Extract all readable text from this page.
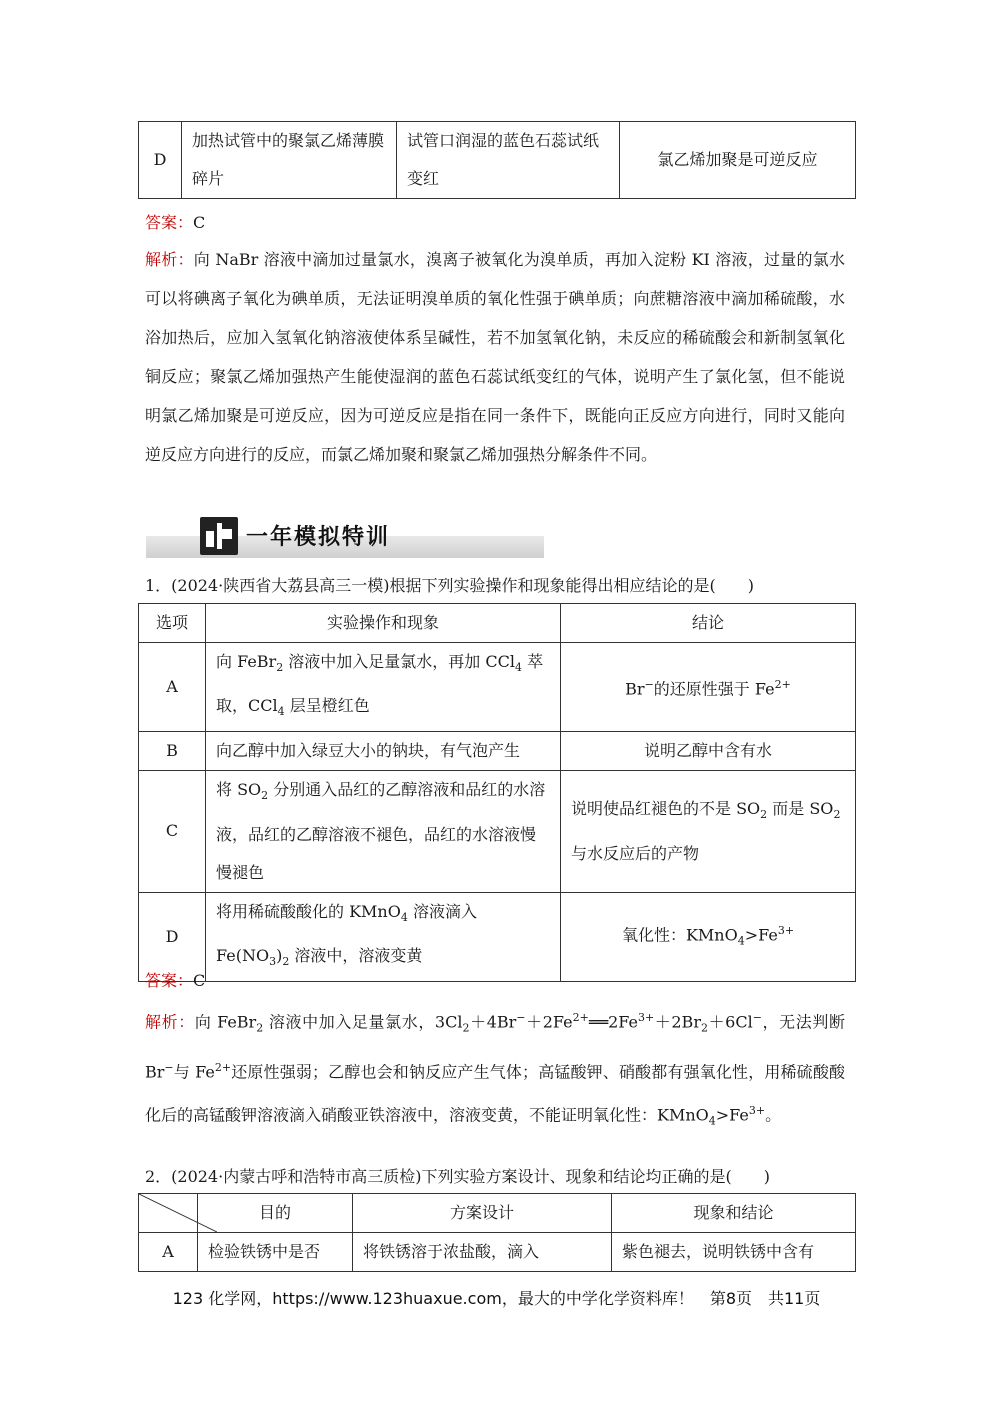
D	加热试管中的聚氯乙烯薄膜碎片	试管口润湿的蓝色石蕊试纸变红	氯乙烯加聚是可逆反应
答案：C
解析：向 NaBr 溶液中滴加过量氯水，溴离子被氧化为溴单质，再加入淀粉 KI 溶液，过量的氯水可以将碘离子氧化为碘单质，无法证明溴单质的氧化性强于碘单质；向蔗糖溶液中滴加稀硫酸，水浴加热后，应加入氢氧化钠溶液使体系呈碱性，若不加氢氧化钠，未反应的稀硫酸会和新制氢氧化铜反应；聚氯乙烯加强热产生能使湿润的蓝色石蕊试纸变红的气体，说明产生了氯化氢，但不能说明氯乙烯加聚是可逆反应，因为可逆反应是指在同一条件下，既能向正反应方向进行，同时又能向逆反应方向进行的反应，而氯乙烯加聚和聚氯乙烯加强热分解条件不同。
一年模拟特训
1．(2024·陕西省大荔县高三一模)根据下列实验操作和现象能得出相应结论的是(　　)
选项	实验操作和现象	结论
A	向 FeBr$_2$ 溶液中加入足量氯水，再加 CCl$_4$ 萃取，CCl$_4$ 层呈橙红色	Br−的还原性强于 $Fe^{2+}$
B	向乙醇中加入绿豆大小的钠块，有气泡产生	说明乙醇中含有水
C	将 $SO_2$ 分别通入品红的乙醇溶液和品红的水溶液，品红的乙醇溶液不褪色，品红的水溶液慢慢褪色	说明使品红褪色的不是 $SO_2$ 而是 $SO_2$ 与水反应后的产物
D	将用稀硫酸酸化的 KMnO$_4$ 溶液滴入 $Fe(NO_3)_2$ 溶液中，溶液变黄	氧化性：$KMnO_4>Fe^{3+}$
答案：C
解析：向 FeBr$_2$ 溶液中加入足量氯水，$3Cl_2+4Br^-+2Fe^{2+}══2Fe^{3+}+2Br_2+6Cl^-$，无法判断 Br−与 $Fe^{2+}$还原性强弱；乙醇也会和钠反应产生气体；高锰酸钾、硝酸都有强氧化性，用稀硫酸酸化后的高锰酸钾溶液滴入硝酸亚铁溶液中，溶液变黄，不能证明氧化性：$KMnO_4>Fe^{3+}$。
2．(2024·内蒙古呼和浩特市高三质检)下列实验方案设计、现象和结论均正确的是(　　)
	目的	方案设计	现象和结论
A	检验铁锈中是否	将铁锈溶于浓盐酸，滴入	紫色褪去，说明铁锈中含有
123 化学网，https://www.123huaxue.com，最大的中学化学资料库！　第8页　共11页
